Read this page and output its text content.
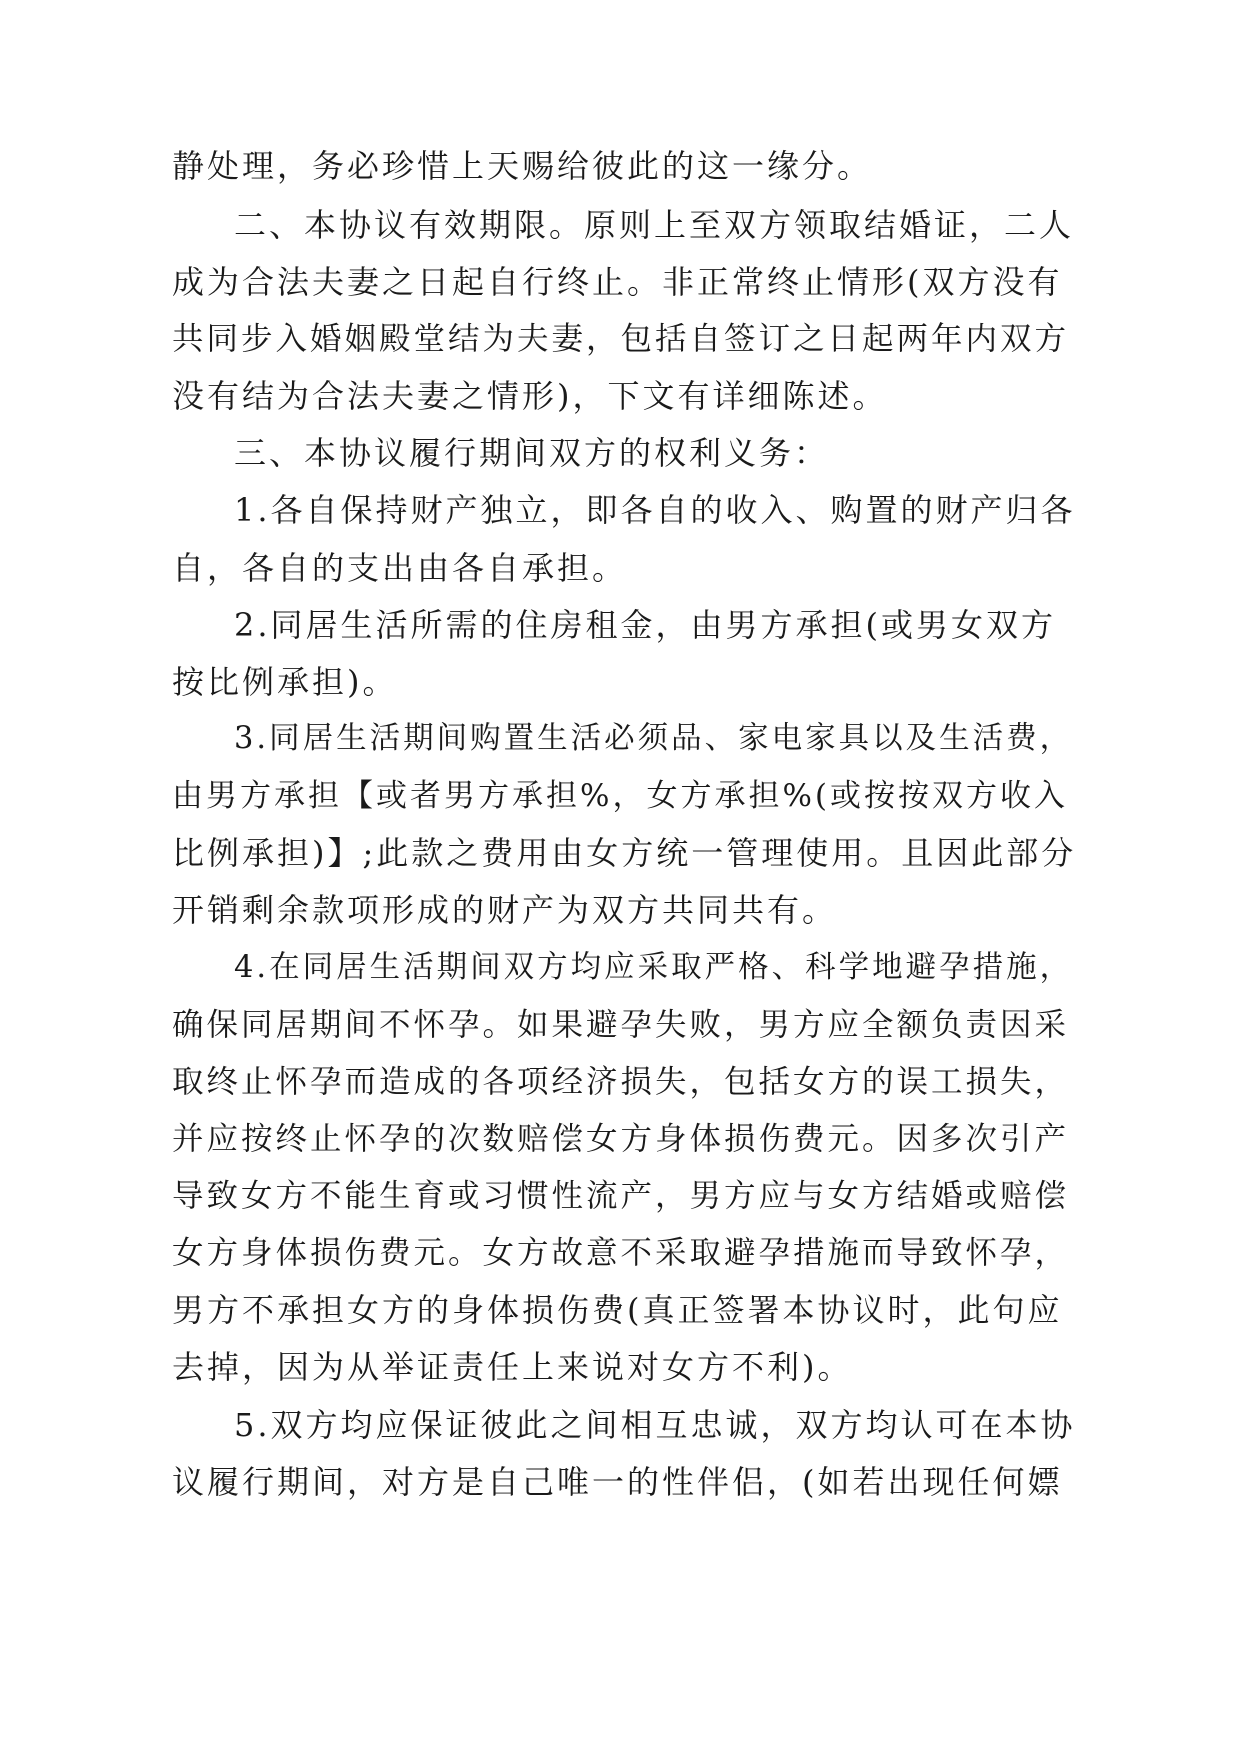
静处理，务必珍惜上天赐给彼此的这一缘分。
二、本协议有效期限。原则上至双方领取结婚证，二人
成为合法夫妻之日起自行终止。非正常终止情形(双方没有
共同步入婚姻殿堂结为夫妻，包括自签订之日起两年内双方
没有结为合法夫妻之情形)，下文有详细陈述。
三、本协议履行期间双方的权利义务：
1.各自保持财产独立，即各自的收入、购置的财产归各
自，各自的支出由各自承担。
2.同居生活所需的住房租金，由男方承担(或男女双方
按比例承担)。
3.同居生活期间购置生活必须品、家电家具以及生活费，
由男方承担【或者男方承担%，女方承担%(或按按双方收入
比例承担)】;此款之费用由女方统一管理使用。且因此部分
开销剩余款项形成的财产为双方共同共有。
4.在同居生活期间双方均应采取严格、科学地避孕措施，
确保同居期间不怀孕。如果避孕失败，男方应全额负责因采
取终止怀孕而造成的各项经济损失，包括女方的误工损失，
并应按终止怀孕的次数赔偿女方身体损伤费元。因多次引产
导致女方不能生育或习惯性流产，男方应与女方结婚或赔偿
女方身体损伤费元。女方故意不采取避孕措施而导致怀孕，
男方不承担女方的身体损伤费(真正签署本协议时，此句应
去掉，因为从举证责任上来说对女方不利)。
5.双方均应保证彼此之间相互忠诚，双方均认可在本协
议履行期间，对方是自己唯一的性伴侣，(如若出现任何嫖
